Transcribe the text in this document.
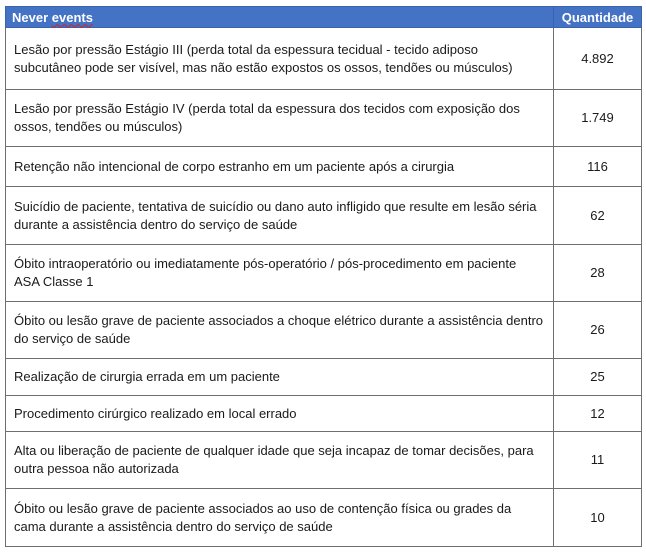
Never events	Quantidade
Lesão por pressão Estágio III (perda total da espessura tecidual - tecido adiposo subcutâneo pode ser visível, mas não estão expostos os ossos, tendões ou músculos)	4.892
Lesão por pressão Estágio IV (perda total da espessura dos tecidos com exposição dos ossos, tendões ou músculos)	1.749
Retenção não intencional de corpo estranho em um paciente após a cirurgia	116
Suicídio de paciente, tentativa de suicídio ou dano auto infligido que resulte em lesão séria durante a assistência dentro do serviço de saúde	62
Óbito intraoperatório ou imediatamente pós-operatório / pós-procedimento em paciente ASA Classe 1	28
Óbito ou lesão grave de paciente associados a choque elétrico durante a assistência dentro do serviço de saúde	26
Realização de cirurgia errada em um paciente	25
Procedimento cirúrgico realizado em local errado	12
Alta ou liberação de paciente de qualquer idade que seja incapaz de tomar decisões, para outra pessoa não autorizada	11
Óbito ou lesão grave de paciente associados ao uso de contenção física ou grades da cama durante a assistência dentro do serviço de saúde	10
